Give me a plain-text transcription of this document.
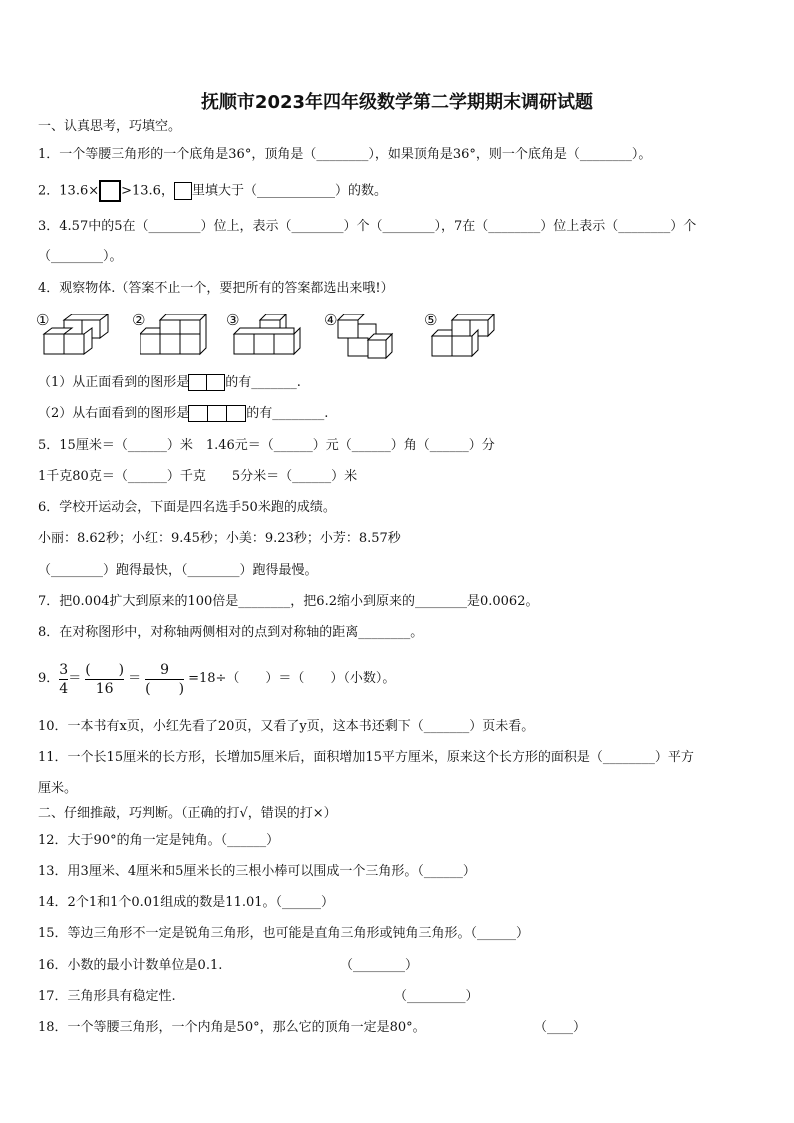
抚顺市2023年四年级数学第二学期期末调研试题
一、认真思考，巧填空。
1．一个等腰三角形的一个底角是36°，顶角是（________），如果顶角是36°，则一个底角是（________）。
2．13.6× >13.6， 里填大于（____________）的数。
3．4.57中的5在（________）位上，表示（________）个（________），7在（________）位上表示（________）个
（________）。
4．观察物体.（答案不止一个，要把所有的答案都选出来哦!）
①	②	③	④	⑤
（1）从正面看到的图形是	的有_______.
（2）从右面看到的图形是	的有________.
5．15厘米＝（______）米　1.46元＝（______）元（______）角（______）分
1千克80克＝（______）千克　　5分米＝（______）米
6．学校开运动会，下面是四名选手50米跑的成绩。
小丽：8.62秒；小红：9.45秒；小美：9.23秒；小芳：8.57秒
（________）跑得最快，（________）跑得最慢。
7．把0.004扩大到原来的100倍是________，把6.2缩小到原来的________是0.0062。
8．在对称图形中，对称轴两侧相对的点到对称轴的距离________。
9． $\frac{3}{4} = \frac{( )}{16} = \frac{9}{( )} =18\div$（　　）＝（　　）（小数）。
10．一本书有x页，小红先看了20页，又看了y页，这本书还剩下（_______）页未看。
11．一个长15厘米的长方形，长增加5厘米后，面积增加15平方厘米，原来这个长方形的面积是（________）平方
厘米。
二、仔细推敲，巧判断。（正确的打√，错误的打×）
12．大于90°的角一定是钝角。（______）
13．用3厘米、4厘米和5厘米长的三根小棒可以围成一个三角形。（______）
14．2个1和1个0.01组成的数是11.01。（______）
15．等边三角形不一定是锐角三角形，也可能是直角三角形或钝角三角形。（______）
16．小数的最小计数单位是0.1.	（________）
17．三角形具有稳定性.	（_________）
18．一个等腰三角形，一个内角是50°，那么它的顶角一定是80°。	（____）
